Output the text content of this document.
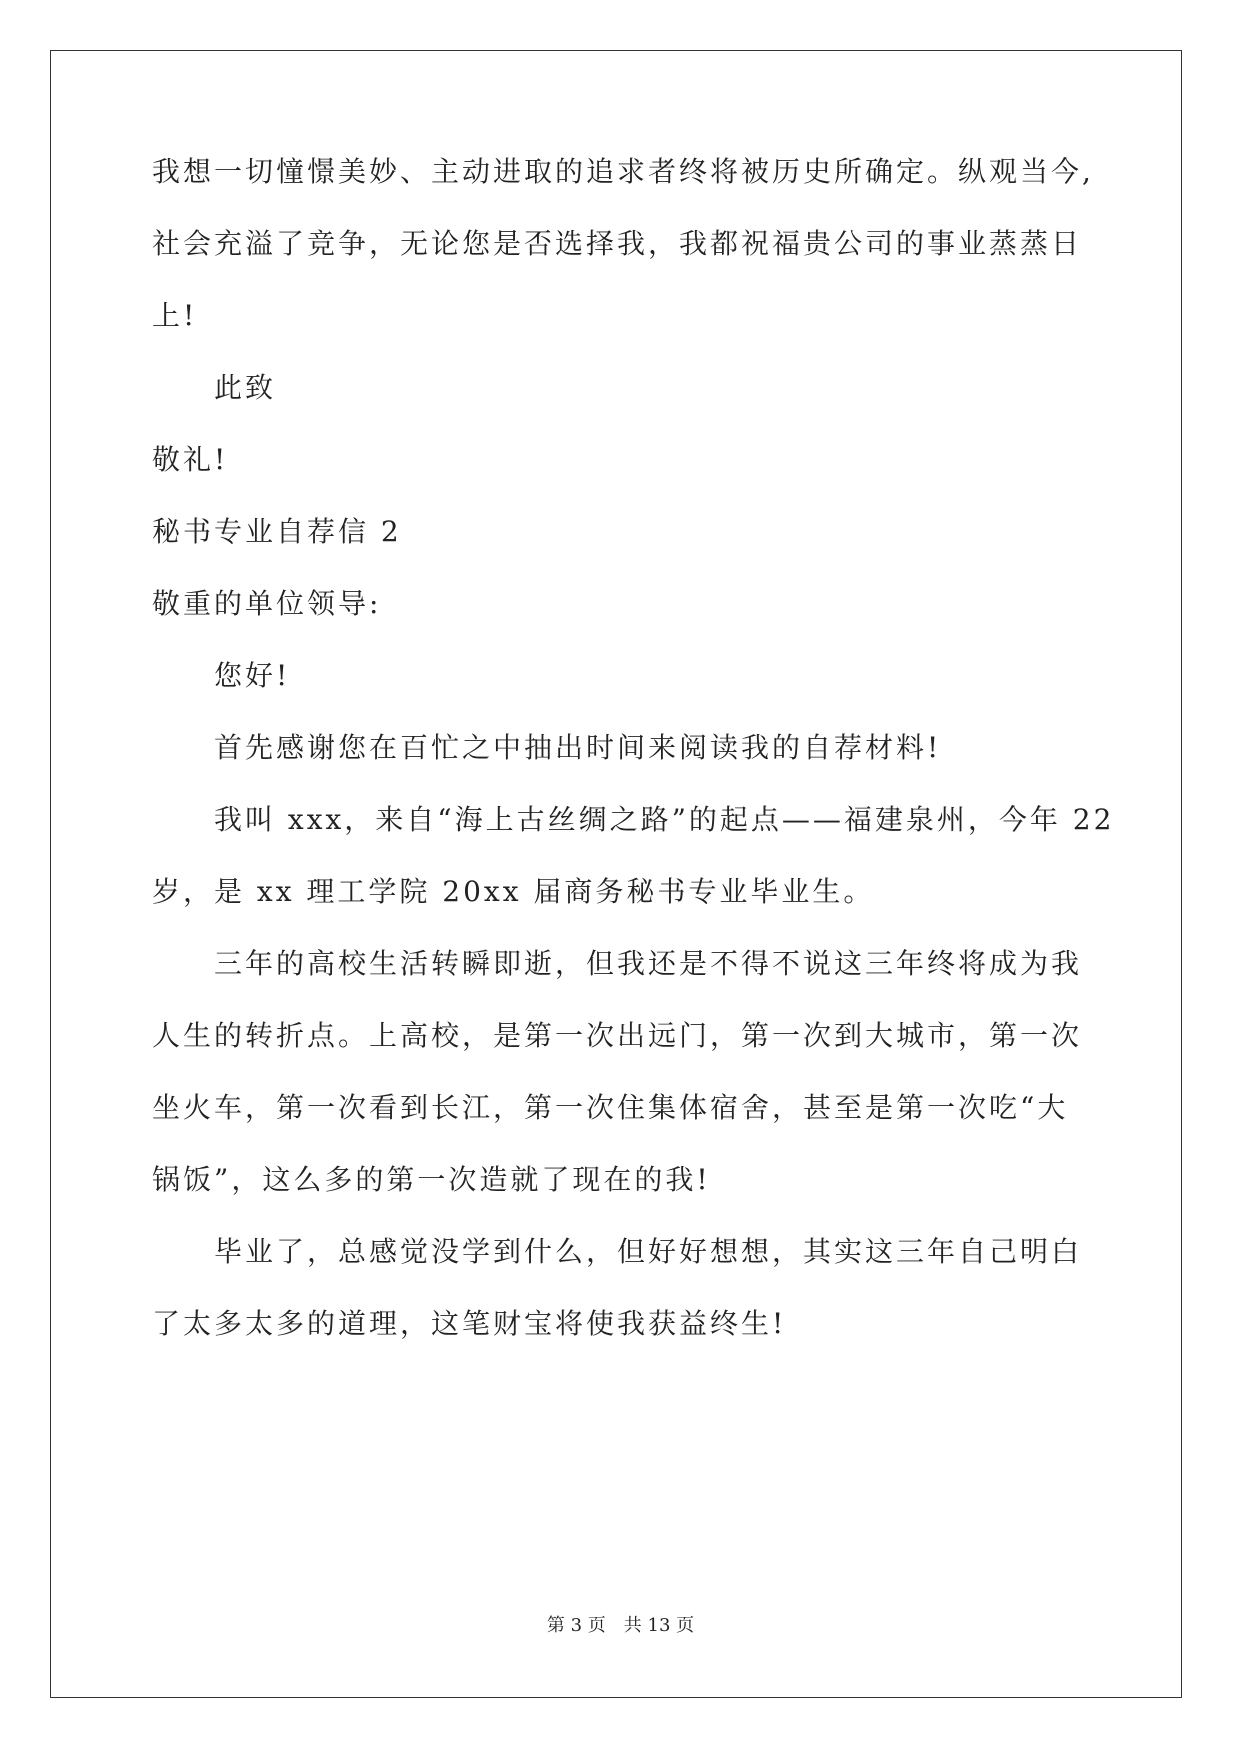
我想一切憧憬美妙、主动进取的追求者终将被历史所确定。纵观当今,
社会充溢了竞争，无论您是否选择我，我都祝福贵公司的事业蒸蒸日
上!
此致
敬礼!
秘书专业自荐信 2
敬重的单位领导:
您好!
首先感谢您在百忙之中抽出时间来阅读我的自荐材料!
我叫 xxx，来自“海上古丝绸之路”的起点——福建泉州，今年 22
岁，是 xx 理工学院 20xx 届商务秘书专业毕业生。
三年的高校生活转瞬即逝，但我还是不得不说这三年终将成为我
人生的转折点。上高校，是第一次出远门，第一次到大城市，第一次
坐火车，第一次看到长江，第一次住集体宿舍，甚至是第一次吃“大
锅饭”，这么多的第一次造就了现在的我!
毕业了，总感觉没学到什么，但好好想想，其实这三年自己明白
了太多太多的道理，这笔财宝将使我获益终生!
第 3 页　共 13 页
